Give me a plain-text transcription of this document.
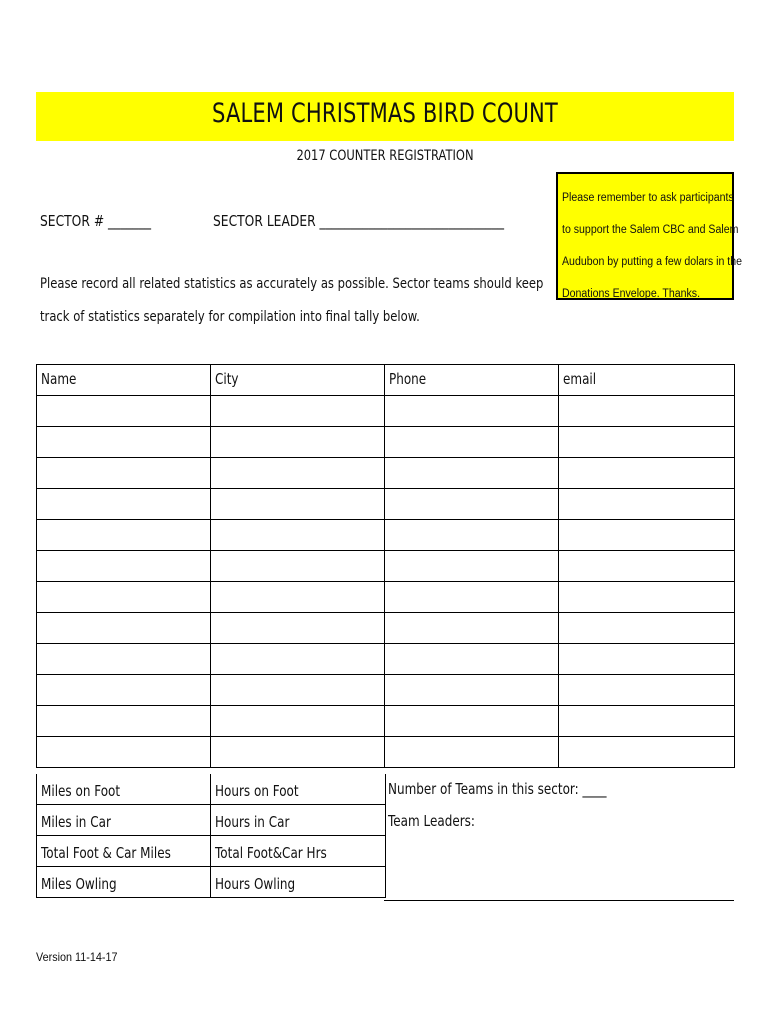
SALEM CHRISTMAS BIRD COUNT
2017 COUNTER REGISTRATION
Please remember to ask participants
to support the Salem CBC and Salem
Audubon by putting a few dolars in the
Donations Envelope. Thanks.
SECTOR # _______	SECTOR LEADER ______________________________
Please record all related statistics as accurately as possible. Sector teams should keep
track of statistics separately for compilation into final tally below.
Name	City	Phone	email

Miles on Foot	Hours on Foot
Miles in Car	Hours in Car
Total Foot & Car Miles	Total Foot&Car Hrs
Miles Owling	Hours Owling
Number of Teams in this sector: ____
Team Leaders:
Version 11-14-17
